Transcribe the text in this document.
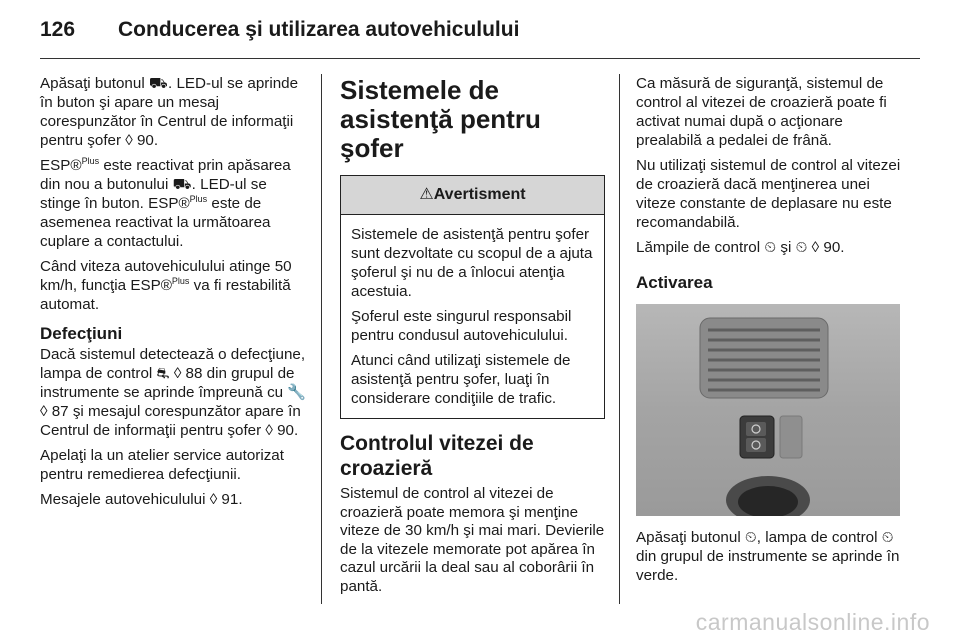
126 Conducerea şi utilizarea autovehiculului

Apăsaţi butonul ⛟. LED-ul se aprinde în buton şi apare un mesaj corespunzător în Centrul de informaţii pentru şofer ◊ 90.

ESP®$^{Plus}$ este reactivat prin apăsarea din nou a butonului ⛟. LED-ul se stinge în buton. ESP®$^{Plus}$ este de asemenea reactivat la următoarea cuplare a contactului.

Când viteza autovehiculului atinge 50 km/h, funcţia ESP®$^{Plus}$ va fi restabilită automat.

Defecţiuni

Dacă sistemul detectează o defecţiune, lampa de control ⛐ ◊ 88 din grupul de instrumente se aprinde împreună cu 🔧 ◊ 87 şi mesajul corespunzător apare în Centrul de informaţii pentru şofer ◊ 90.

Apelaţi la un atelier service autorizat pentru remedierea defecţiunii.

Mesajele autovehiculului ◊ 91.

Sistemele de asistenţă pentru şofer
⚠Avertisment

Sistemele de asistenţă pentru şofer sunt dezvoltate cu scopul de a ajuta şoferul şi nu de a înlocui atenţia acestuia.

Şoferul este singurul responsabil pentru condusul autovehiculului.

Atunci când utilizaţi sistemele de asistenţă pentru şofer, luaţi în considerare condiţiile de trafic.

Controlul vitezei de croazieră

Sistemul de control al vitezei de croazieră poate memora şi menţine viteze de 30 km/h şi mai mari. Devierile de la vitezele memorate pot apărea în cazul urcării la deal sau al coborârii în pantă.

Ca măsură de siguranţă, sistemul de control al vitezei de croazieră poate fi activat numai după o acţionare prealabilă a pedalei de frână.

Nu utilizaţi sistemul de control al vitezei de croazieră dacă menţinerea unei viteze constante de deplasare nu este recomandabilă.

Lămpile de control ⏲ şi ⏲ ◊ 90.

Activarea

Apăsaţi butonul ⏲, lampa de control ⏲ din grupul de instrumente se aprinde în verde.

carmanualsonline.info
